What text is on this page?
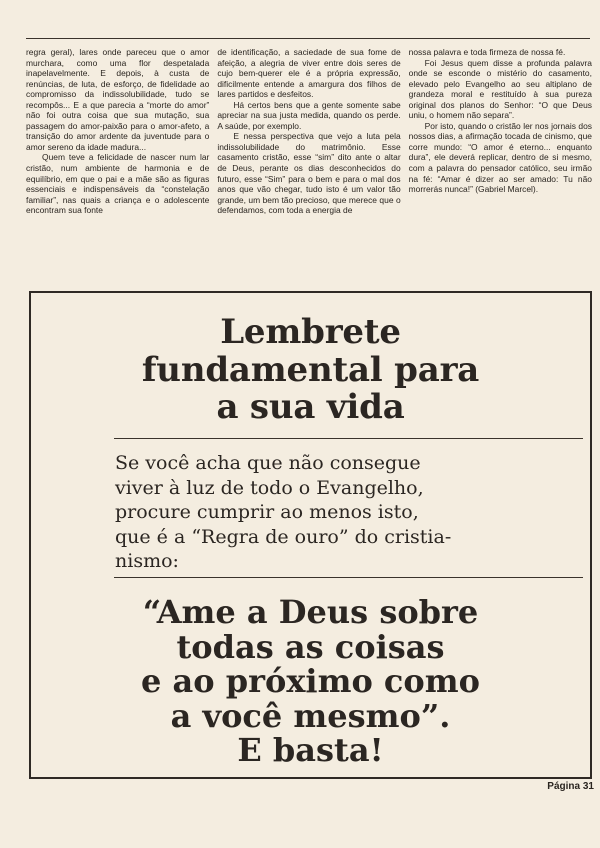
regra geral), lares onde pareceu que o amor murchara, como uma flor despetalada inapelavelmente. E depois, à custa de renúncias, de luta, de esforço, de fidelidade ao compromisso da indissolubilidade, tudo se recompôs... E a que parecia a “morte do amor” não foi outra coisa que sua mutação, sua passagem do amor-paixão para o amor-afeto, a transição do amor ardente da juventude para o amor sereno da idade madura...

Quem teve a felicidade de nascer num lar cristão, num ambiente de harmonia e de equilíbrio, em que o pai e a mãe são as figuras essenciais e indispensáveis da “constelação familiar”, nas quais a criança e o adolescente encontram sua fonte

de identificação, a saciedade de sua fome de afeição, a alegria de viver entre dois seres de cujo bem-querer ele é a própria expressão, dificilmente entende a amargura dos filhos de lares partidos e desfeitos.

Há certos bens que a gente somente sabe apreciar na sua justa medida, quando os perde. A saúde, por exemplo.

E nessa perspectiva que vejo a luta pela indissolubilidade do matrimônio. Esse casamento cristão, esse “sim” dito ante o altar de Deus, perante os dias desconhecidos do futuro, esse “Sim” para o bem e para o mal dos anos que vão chegar, tudo isto é um valor tão grande, um bem tão precioso, que merece que o defendamos, com toda a energia de

nossa palavra e toda firmeza de nossa fé.

Foi Jesus quem disse a profunda palavra onde se esconde o mistério do casamento, elevado pelo Evangelho ao seu altiplano de grandeza moral e restituído à sua pureza original dos planos do Senhor: “O que Deus uniu, o homem não separa”.

Por isto, quando o cristão ler nos jornais dos nossos dias, a afirmação tocada de cinismo, que corre mundo: “O amor é eterno... enquanto dura”, ele deverá replicar, dentro de si mesmo, com a palavra do pensador católico, seu irmão na fé: “Amar é dizer ao ser amado: Tu não morrerás nunca!” (Gabriel Marcel).

Lembrete
fundamental para
a sua vida
Se você acha que não consegue
viver à luz de todo o Evangelho,
procure cumprir ao menos isto,
que é a “Regra de ouro” do cristia-
nismo:
“Ame a Deus sobre
todas as coisas
e ao próximo como
a você mesmo”.
E basta!
Página 31
